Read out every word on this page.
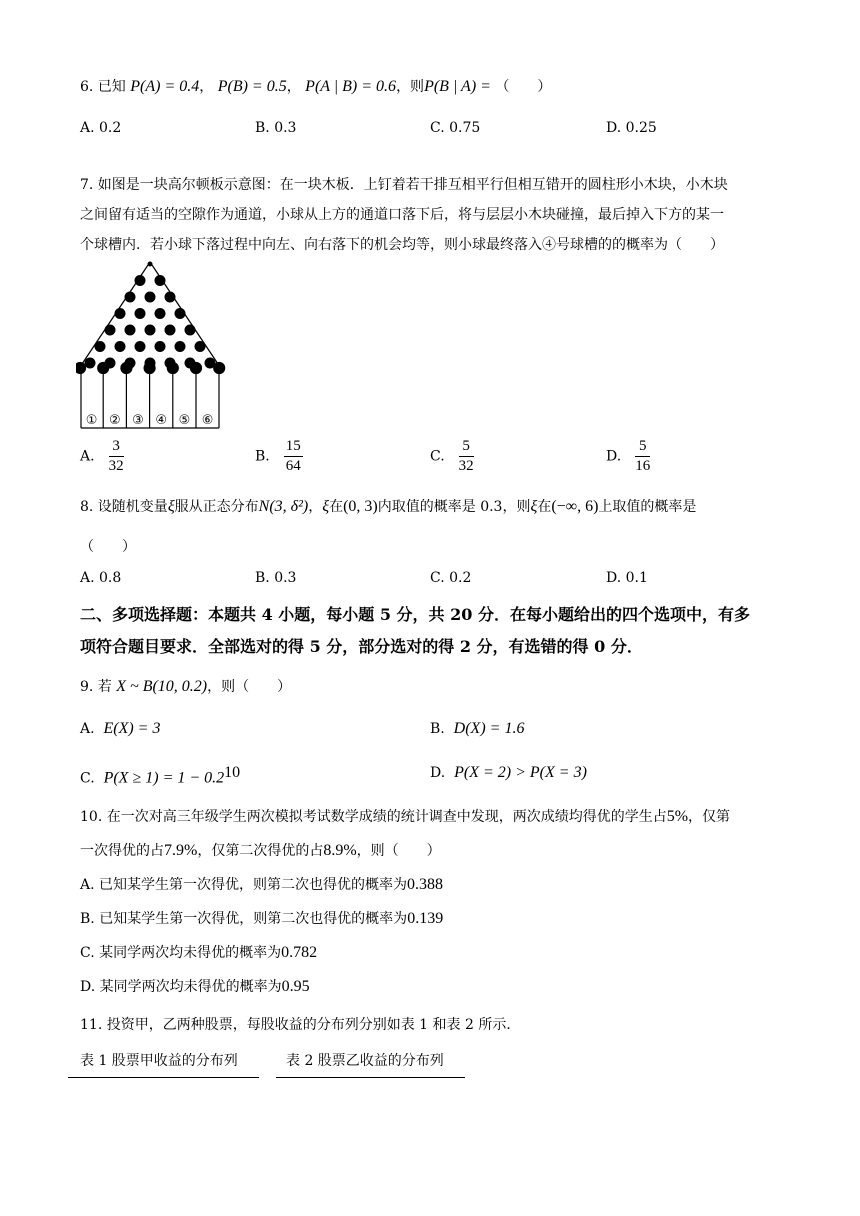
6. 已知 P(A) = 0.4， P(B) = 0.5， P(A | B) = 0.6，则P(B | A) = （　　）
A. 0.2	B. 0.3	C. 0.75	D. 0.25
7. 如图是一块高尔顿板示意图：在一块木板．上钉着若干排互相平行但相互错开的圆柱形小木块，小木块
之间留有适当的空隙作为通道，小球从上方的通道口落下后，将与层层小木块碰撞，最后掉入下方的某一
个球槽内．若小球下落过程中向左、向右落下的机会均等，则小球最终落入④号球槽的的概率为（　　）
① ② ③ ④ ⑤ ⑥
A. $\frac{3}{32}$	B. $\frac{15}{64}$	C. $\frac{5}{32}$	D. $\frac{5}{16}$
8. 设随机变量ξ服从正态分布N(3, δ²)，ξ在(0, 3)内取值的概率是 0.3，则ξ在(−∞, 6)上取值的概率是
（　　）
A. 0.8	B. 0.3	C. 0.2	D. 0.1
二、多项选择题：本题共 4 小题，每小题 5 分，共 20 分．在每小题给出的四个选项中，有多
项符合题目要求．全部选对的得 5 分，部分选对的得 2 分，有选错的得 0 分．
9. 若 X ~ B(10, 0.2)，则（　　）
A. E(X) = 3	B. D(X) = 1.6
C. $P(X \ge 1) = 1 - 0.2^{10}$	D. P(X = 2) > P(X = 3)
10. 在一次对高三年级学生两次模拟考试数学成绩的统计调查中发现，两次成绩均得优的学生占5%，仅第
一次得优的占7.9%，仅第二次得优的占8.9%，则（　　）
A. 已知某学生第一次得优，则第二次也得优的概率为0.388
B. 已知某学生第一次得优，则第二次也得优的概率为0.139
C. 某同学两次均未得优的概率为0.782
D. 某同学两次均未得优的概率为0.95
11. 投资甲，乙两种股票，每股收益的分布列分别如表 1 和表 2 所示．
表 1 股票甲收益的分布列	表 2 股票乙收益的分布列
